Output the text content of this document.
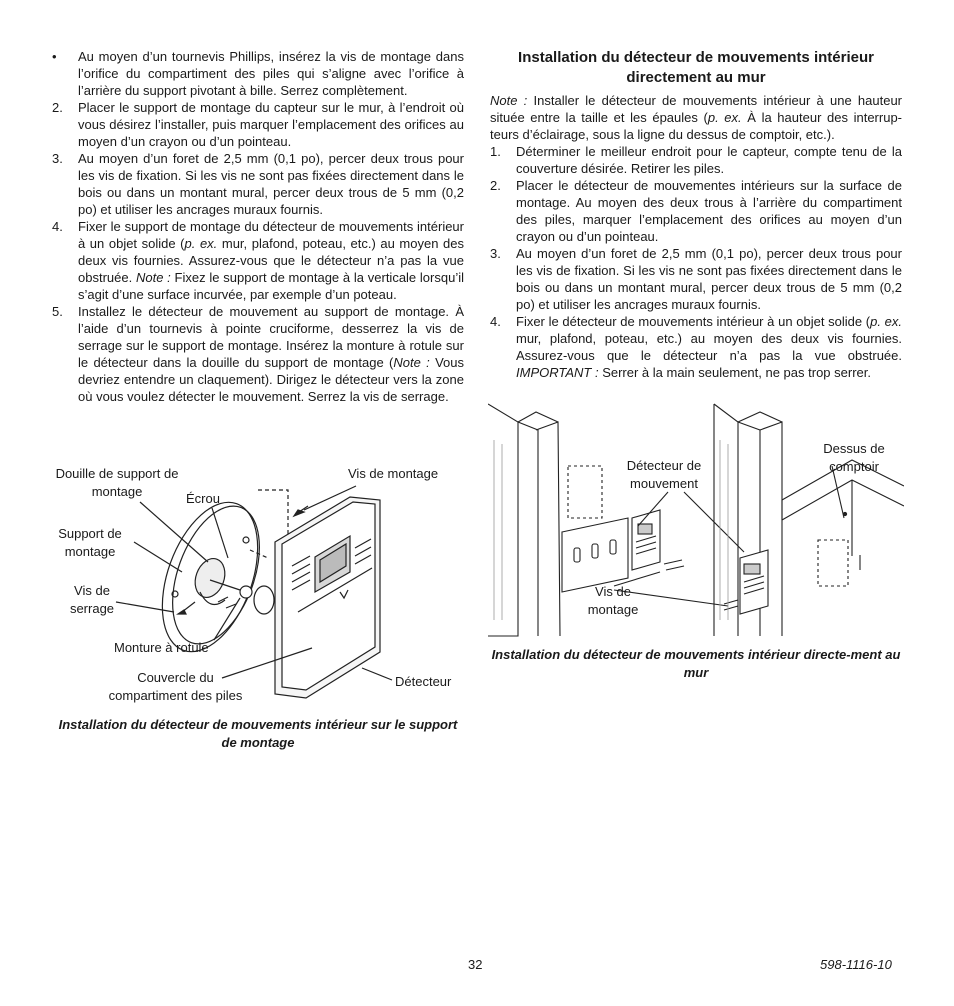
• Au moyen d’un tournevis Phillips, insérez la vis de montage dans l’orifice du compartiment des piles qui s’aligne avec l’orifice à l’arrière du support pivotant à bille. Serrez complètement.

2. Placer le support de montage du capteur sur le mur, à l’endroit où vous désirez l’installer, puis marquer l’emplacement des orifices au moyen d’un crayon ou d’un pointeau.

3. Au moyen d’un foret de 2,5 mm (0,1 po), percer deux trous pour les vis de fixation. Si les vis ne sont pas fixées directement dans le bois ou dans un montant mural, percer deux trous de 5 mm (0,2 po) et utiliser les ancrages muraux fournis.

4. Fixer le support de montage du détecteur de mouvements intérieur à un objet solide (p. ex. mur, plafond, poteau, etc.) au moyen des deux vis fournies. Assurez-vous que le détecteur n’a pas la vue obstruée. Note : Fixez le support de montage à la verticale lorsqu’il s’agit d’une surface incurvée, par exemple d’un poteau.

5. Installez le détecteur de mouvement au support de montage. À l’aide d’un tournevis à pointe cruciforme, desserrez la vis de serrage sur le support de montage. Insérez la monture à rotule sur le détecteur dans la douille du support de montage (Note : Vous devriez entendre un claquement). Dirigez le détecteur vers la zone où vous voulez détecter le mouvement. Serrez la vis de serrage.

Douille de support de montage	Écrou
Vis de montage
Support de montage
Vis de serrage
Monture à rotule
Couvercle du compartiment des piles
Détecteur
Installation du détecteur de mouvements intérieur sur le support de montage
Installation du détecteur de mouvements intérieur directement au mur

Note : Installer le détecteur de mouvements intérieur à une hauteur située entre la taille et les épaules (p. ex. À la hauteur des interrup-teurs d’éclairage, sous la ligne du dessus de comptoir, etc.).

1. Déterminer le meilleur endroit pour le capteur, compte tenu de la couverture désirée. Retirer les piles.

2. Placer le détecteur de mouvementes intérieurs sur la surface de montage. Au moyen des deux trous à l’arrière du compartiment des piles, marquer l’emplacement des orifices au moyen d’un crayon ou d’un pointeau.

3. Au moyen d’un foret de 2,5 mm (0,1 po), percer deux trous pour les vis de fixation. Si les vis ne sont pas fixées directement dans le bois ou dans un montant mural, percer deux trous de 5 mm (0,2 po) et utiliser les ancrages muraux fournis.

4. Fixer le détecteur de mouvements intérieur à un objet solide (p. ex. mur, plafond, poteau, etc.) au moyen des deux vis fournies. Assurez-vous que le détecteur n’a pas la vue obstruée. IMPORTANT : Serrer à la main seulement, ne pas trop serrer.

Dessus de comptoir
Détecteur de mouvement
Vis de montage
Installation du détecteur de mouvements intérieur directe-ment au mur
32	598-1116-10
